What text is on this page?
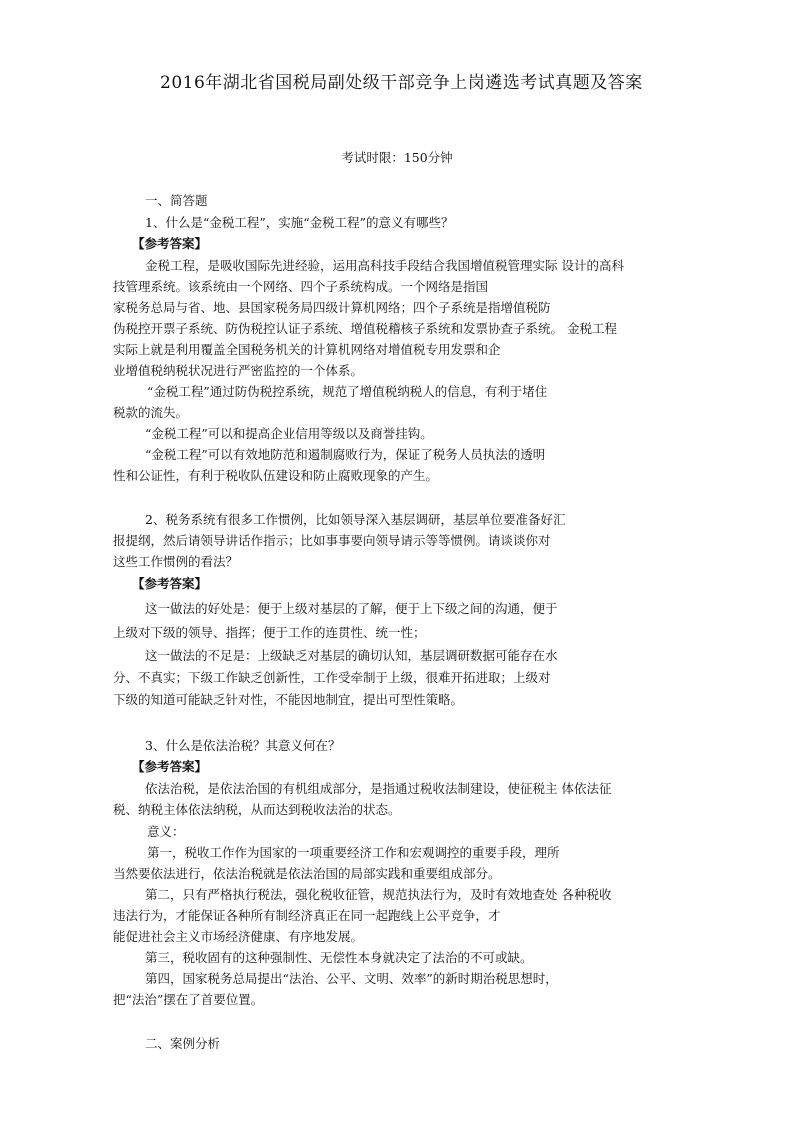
2016年湖北省国税局副处级干部竞争上岗遴选考试真题及答案
考试时限：150分钟
一、简答题
1、什么是“金税工程”，实施“金税工程”的意义有哪些？
【参考答案】
金税工程，是吸收国际先进经验，运用高科技手段结合我国增值税管理实际 设计的高科
技管理系统。该系统由一个网络、四个子系统构成。一个网络是指国
家税务总局与省、地、县国家税务局四级计算机网络；四个子系统是指增值税防
伪税控开票子系统、防伪税控认证子系统、增值税稽核子系统和发票协查子系统。 金税工程
实际上就是利用覆盖全国税务机关的计算机网络对增值税专用发票和企
业增值税纳税状况进行严密监控的一个体系。
“金税工程”通过防伪税控系统，规范了增值税纳税人的信息，有利于堵住
税款的流失。
“金税工程”可以和提高企业信用等级以及商誉挂钩。
“金税工程”可以有效地防范和遏制腐败行为，保证了税务人员执法的透明
性和公证性，有利于税收队伍建设和防止腐败现象的产生。
2、税务系统有很多工作惯例，比如领导深入基层调研，基层单位要准备好汇
报提纲，然后请领导讲话作指示；比如事事要向领导请示等等惯例。请谈谈你对
这些工作惯例的看法？
【参考答案】
这一做法的好处是：便于上级对基层的了解，便于上下级之间的沟通，便于
上级对下级的领导、指挥；便于工作的连贯性、统一性；
这一做法的不足是：上级缺乏对基层的确切认知，基层调研数据可能存在水
分、不真实；下级工作缺乏创新性，工作受牵制于上级，很难开拓进取；上级对
下级的知道可能缺乏针对性，不能因地制宜，提出可型性策略。
3、什么是依法治税？其意义何在？
【参考答案】
依法治税，是依法治国的有机组成部分，是指通过税收法制建设，使征税主 体依法征
税、纳税主体依法纳税，从而达到税收法治的状态。
意义：
第一，税收工作作为国家的一项重要经济工作和宏观调控的重要手段，理所
当然要依法进行，依法治税就是依法治国的局部实践和重要组成部分。
第二，只有严格执行税法，强化税收征管，规范执法行为，及时有效地查处 各种税收
违法行为，才能保证各种所有制经济真正在同一起跑线上公平竞争，才
能促进社会主义市场经济健康、有序地发展。
第三，税收固有的这种强制性、无偿性本身就决定了法治的不可或缺。
第四，国家税务总局提出“法治、公平、文明、效率”的新时期治税思想时，
把“法治”摆在了首要位置。
二、案例分析
